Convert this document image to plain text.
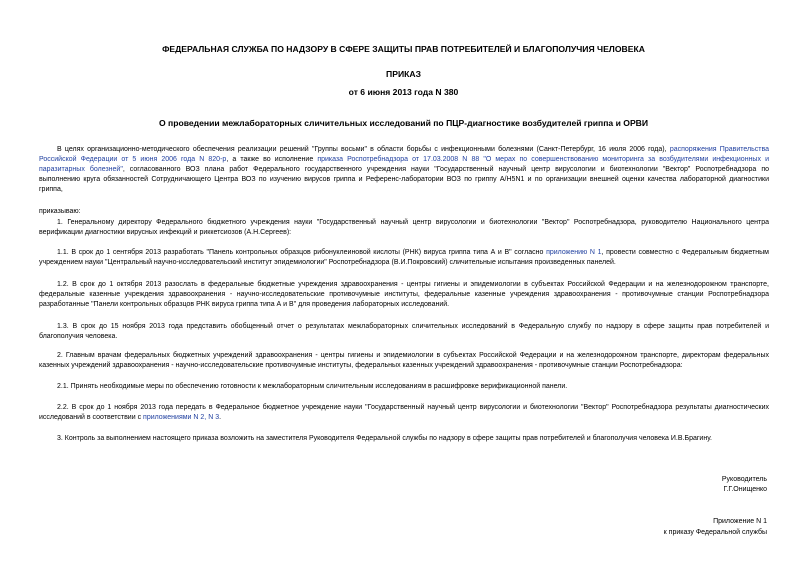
ФЕДЕРАЛЬНАЯ СЛУЖБА ПО НАДЗОРУ В СФЕРЕ ЗАЩИТЫ ПРАВ ПОТРЕБИТЕЛЕЙ И БЛАГОПОЛУЧИЯ ЧЕЛОВЕКА
ПРИКАЗ
от 6 июня 2013 года N 380
О проведении межлабораторных сличительных исследований по ПЦР-диагностике возбудителей гриппа и ОРВИ
В целях организационно-методического обеспечения реализации решений "Группы восьми" в области борьбы с инфекционными болезнями (Санкт-Петербург, 16 июля 2006 года), распоряжения Правительства
Российской Федерации от 5 июня 2006 года N 820-р, а также во исполнение приказа Роспотребнадзора от 17.03.2008 N 88 "О мерах по совершенствованию мониторинга за возбудителями инфекционных и
паразитарных болезней", согласованного ВОЗ плана работ Федерального государственного учреждения науки "Государственный научный центр вирусологии и биотехнологии "Вектор" Роспотребнадзора по
выполнению круга обязанностей Сотрудничающего Центра ВОЗ по изучению вирусов гриппа и Референс-лаборатории ВОЗ по гриппу A/H5N1 и по организации внешней оценки качества лабораторной диагностики
гриппа,
приказываю:
1. Генеральному директору Федерального бюджетного учреждения науки "Государственный научный центр вирусологии и биотехнологии "Вектор" Роспотребнадзора, руководителю Национального центра
верификации диагностики вирусных инфекций и риккетсиозов (А.Н.Сергеев):
1.1. В срок до 1 сентября 2013 разработать "Панель контрольных образцов рибонуклеиновой кислоты (РНК) вируса гриппа типа А и В" согласно приложению N 1, провести совместно с Федеральным бюджетным
учреждением науки "Центральный научно-исследовательский институт эпидемиологии" Роспотребнадзора (В.И.Покровский) сличительные испытания произведенных панелей.
1.2. В срок до 1 октября 2013 разослать в федеральные бюджетные учреждения здравоохранения - центры гигиены и эпидемиологии в субъектах Российской Федерации и на железнодорожном транспорте,
федеральные казенные учреждения здравоохранения - научно-исследовательские противочумные институты, федеральные казенные учреждения здравоохранения - противочумные станции Роспотребнадзора
разработанные "Панели контрольных образцов РНК вируса гриппа типа А и В" для проведения лабораторных исследований.
1.3. В срок до 15 ноября 2013 года представить обобщенный отчет о результатах межлабораторных сличительных исследований в Федеральную службу по надзору в сфере защиты прав потребителей и
благополучия человека.
2. Главным врачам федеральных бюджетных учреждений здравоохранения - центры гигиены и эпидемиологии в субъектах Российской Федерации и на железнодорожном транспорте, директорам федеральных
казенных учреждений здравоохранения - научно-исследовательские противочумные институты, федеральных казенных учреждений здравоохранения - противочумные станции Роспотребнадзора:
2.1. Принять необходимые меры по обеспечению готовности к межлабораторным сличительным исследованиям в расшифровке верификационной панели.
2.2. В срок до 1 ноября 2013 года передать в Федеральное бюджетное учреждение науки "Государственный научный центр вирусологии и биотехнологии "Вектор" Роспотребнадзора результаты диагностических
исследований в соответствии с приложениями N 2, N 3.
3. Контроль за выполнением настоящего приказа возложить на заместителя Руководителя Федеральной службы по надзору в сфере защиты прав потребителей и благополучия человека И.В.Брагину.
Руководитель
Г.Г.Онищенко
Приложение N 1
к приказу Федеральной службы
